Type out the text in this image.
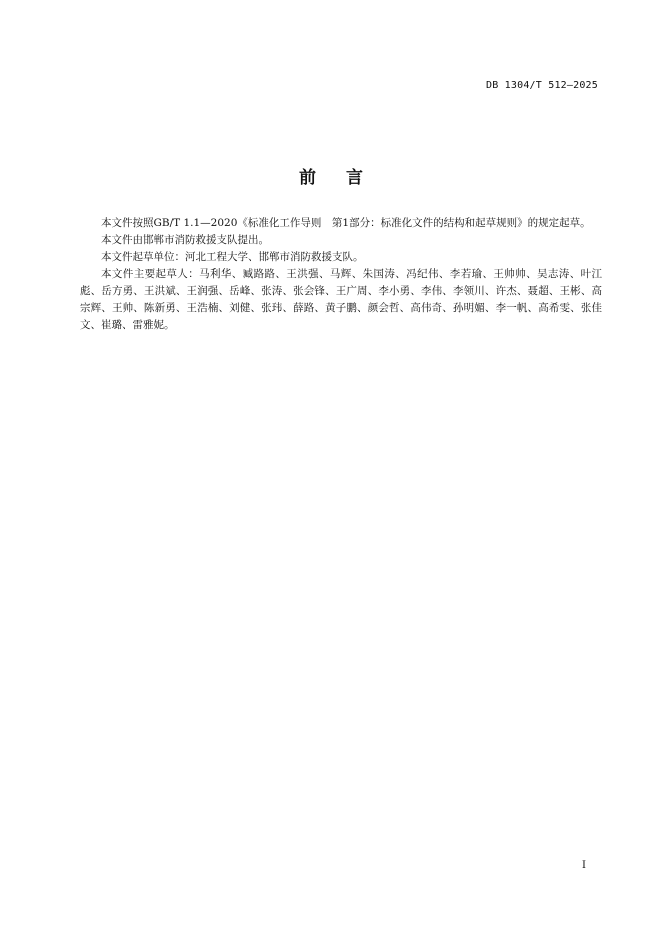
DB 1304/T 512—2025
前 言

本文件按照GB/T 1.1—2020《标准化工作导则　第1部分：标准化文件的结构和起草规则》的规定起草。

本文件由邯郸市消防救援支队提出。

本文件起草单位：河北工程大学、邯郸市消防救援支队。

本文件主要起草人：马利华、臧路路、王洪强、马辉、朱国涛、冯纪伟、李若瑜、王帅帅、吴志涛、叶江彪、岳方勇、王洪斌、王润强、岳峰、张涛、张会锋、王广周、李小勇、李伟、李领川、许杰、聂超、王彬、高宗辉、王帅、陈新勇、王浩楠、刘健、张玮、薛路、黄子鹏、颜会哲、高伟奇、孙明媚、李一帆、高希雯、张佳文、崔璐、雷雅妮。

I
